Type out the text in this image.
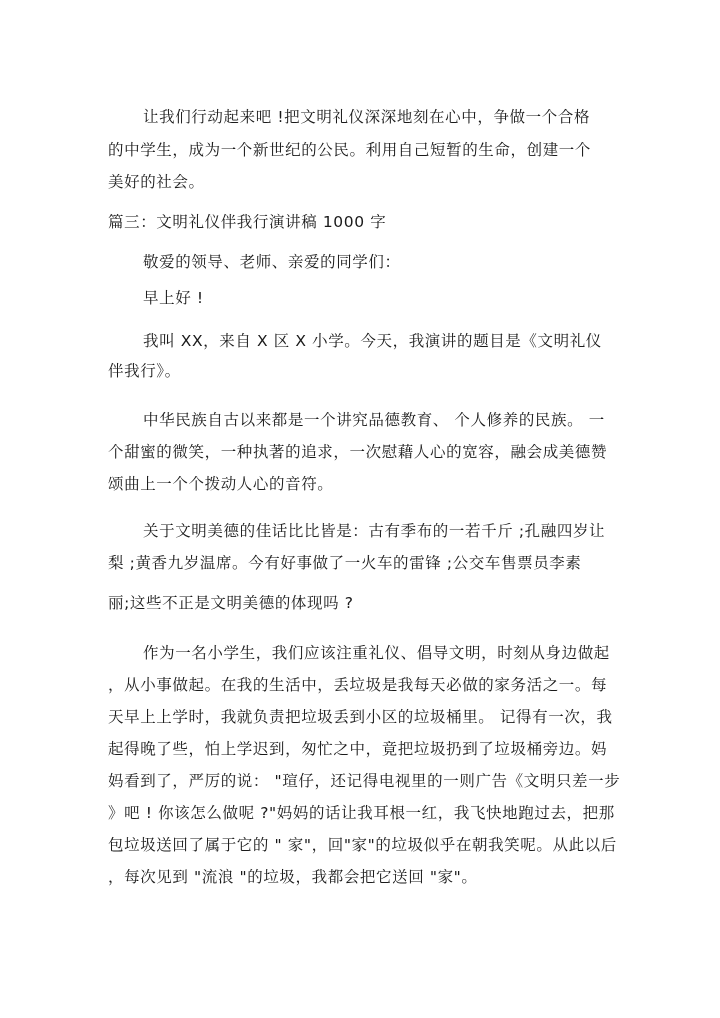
让我们行动起来吧 !把文明礼仪深深地刻在心中，争做一个合格
的中学生，成为一个新世纪的公民。利用自己短暂的生命，创建一个
美好的社会。
篇三：文明礼仪伴我行演讲稿 1000 字
敬爱的领导、老师、亲爱的同学们：
早上好 !
我叫 XX，来自 X 区 X 小学。今天，我演讲的题目是《文明礼仪
伴我行》。
中华民族自古以来都是一个讲究品德教育、 个人修养的民族。 一
个甜蜜的微笑，一种执著的追求，一次慰藉人心的宽容，融会成美德赞
颂曲上一个个拨动人心的音符。
关于文明美德的佳话比比皆是：古有季布的一若千斤 ;孔融四岁让
梨 ;黄香九岁温席。今有好事做了一火车的雷锋 ;公交车售票员李素
丽;这些不正是文明美德的体现吗 ?
作为一名小学生，我们应该注重礼仪、倡导文明，时刻从身边做起
，从小事做起。在我的生活中，丢垃圾是我每天必做的家务活之一。每
天早上上学时，我就负责把垃圾丢到小区的垃圾桶里。 记得有一次，我
起得晚了些，怕上学迟到，匆忙之中，竟把垃圾扔到了垃圾桶旁边。妈
妈看到了，严厉的说： "瑄仔，还记得电视里的一则广告《文明只差一步
》吧 ! 你该怎么做呢 ?"妈妈的话让我耳根一红，我飞快地跑过去，把那
包垃圾送回了属于它的 " 家"，回"家"的垃圾似乎在朝我笑呢。从此以后
，每次见到 "流浪 "的垃圾，我都会把它送回 "家"。
